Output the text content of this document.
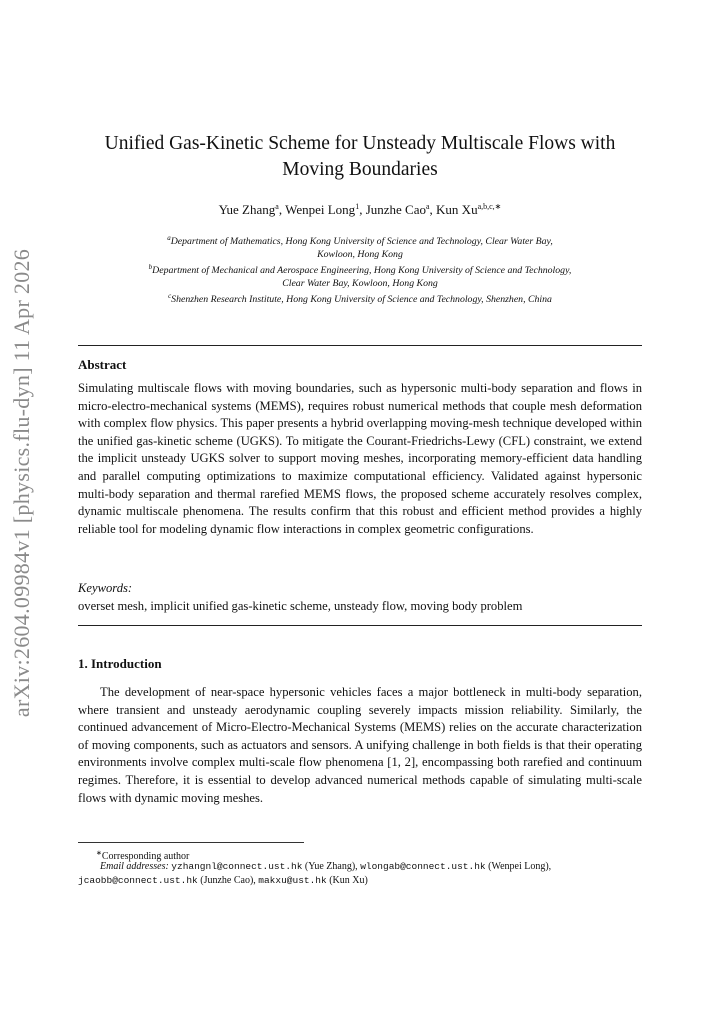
arXiv:2604.09984v1 [physics.flu-dyn] 11 Apr 2026
Unified Gas-Kinetic Scheme for Unsteady Multiscale Flows with
Moving Boundaries
Yue Zhang$^a$, Wenpei Long$^1$, Junzhe Cao$^a$, Kun $Xu^{a,b,c,∗}$
$^a$Department of Mathematics, Hong Kong University of Science and Technology, Clear Water Bay,
Kowloon, Hong Kong
$^b$Department of Mechanical and Aerospace Engineering, Hong Kong University of Science and Technology,
Clear Water Bay, Kowloon, Hong Kong
$^c$Shenzhen Research Institute, Hong Kong University of Science and Technology, Shenzhen, China
Abstract
Simulating multiscale flows with moving boundaries, such as hypersonic multi-body separation and flows in micro-electro-mechanical systems (MEMS), requires robust numerical methods that couple mesh deformation with complex flow physics. This paper presents a hybrid overlapping moving-mesh technique developed within the unified gas-kinetic scheme (UGKS). To mitigate the Courant-Friedrichs-Lewy (CFL) constraint, we extend the implicit unsteady UGKS solver to support moving meshes, incorporating memory-efficient data handling and parallel computing optimizations to maximize computational efficiency. Validated against hypersonic multi-body separation and thermal rarefied MEMS flows, the proposed scheme accurately resolves complex, dynamic multiscale phenomena. The results confirm that this robust and efficient method provides a highly reliable tool for modeling dynamic flow interactions in complex geometric configurations.
Keywords:
overset mesh, implicit unified gas-kinetic scheme, unsteady flow, moving body problem
1. Introduction
The development of near-space hypersonic vehicles faces a major bottleneck in multi-body separation, where transient and unsteady aerodynamic coupling severely impacts mission reliability. Similarly, the continued advancement of Micro-Electro-Mechanical Systems (MEMS) relies on the accurate characterization of moving components, such as actuators and sensors. A unifying challenge in both fields is that their operating environments involve complex multi-scale flow phenomena [1, 2], encompassing both rarefied and continuum regimes. Therefore, it is essential to develop advanced numerical methods capable of simulating multi-scale flows with dynamic moving meshes.
∗Corresponding author
Email addresses: yzhangnl@connect.ust.hk (Yue Zhang), wlongab@connect.ust.hk (Wenpei Long),
jcaobb@connect.ust.hk (Junzhe Cao), makxu@ust.hk (Kun Xu)
